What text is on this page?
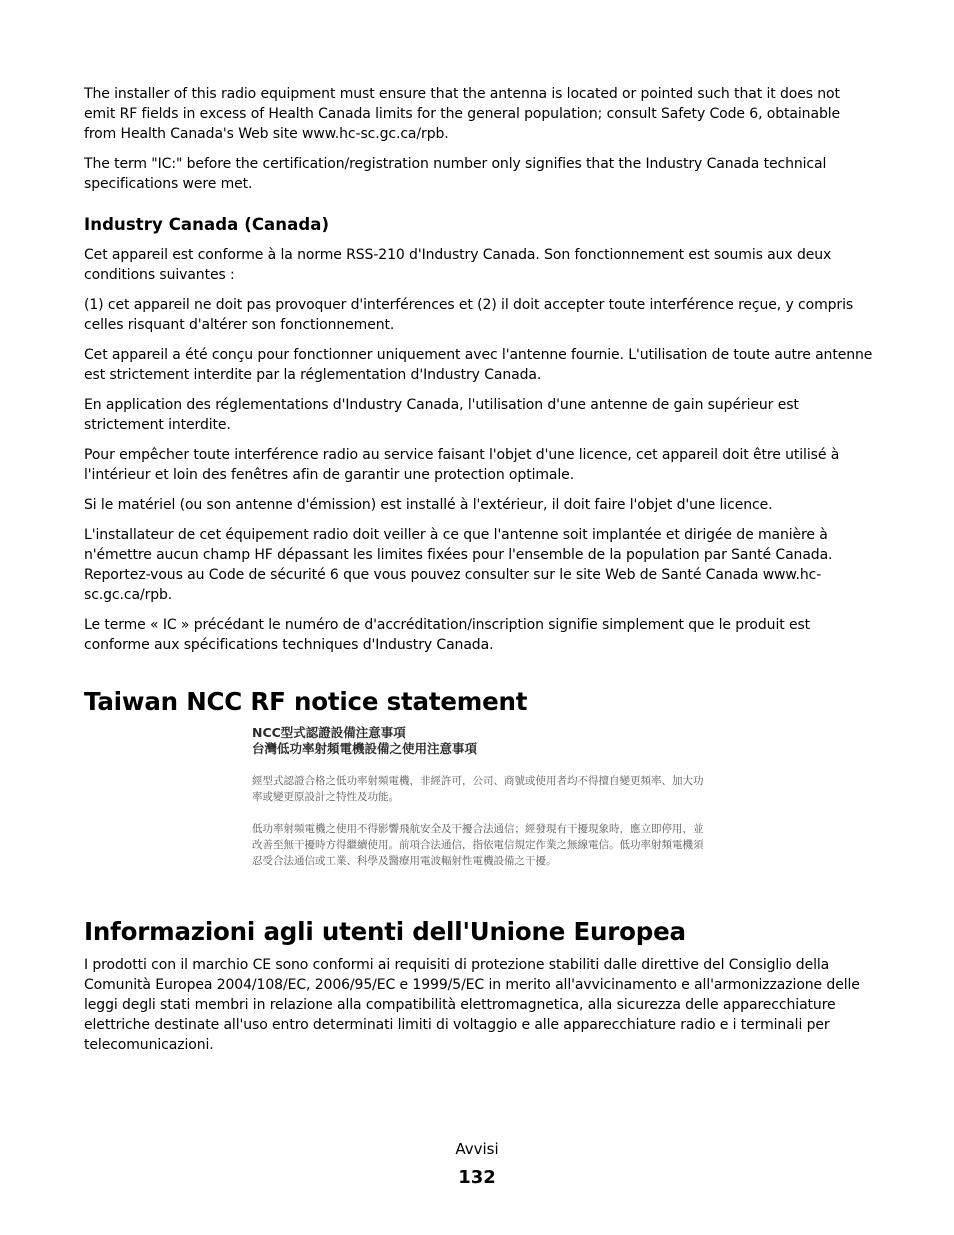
The installer of this radio equipment must ensure that the antenna is located or pointed such that it does not emit RF fields in excess of Health Canada limits for the general population; consult Safety Code 6, obtainable from Health Canada's Web site www.hc-sc.gc.ca/rpb.

The term "IC:" before the certification/registration number only signifies that the Industry Canada technical specifications were met.

Industry Canada (Canada)

Cet appareil est conforme à la norme RSS-210 d'Industry Canada. Son fonctionnement est soumis aux deux conditions suivantes :

(1) cet appareil ne doit pas provoquer d'interférences et (2) il doit accepter toute interférence reçue, y compris celles risquant d'altérer son fonctionnement.

Cet appareil a été conçu pour fonctionner uniquement avec l'antenne fournie. L'utilisation de toute autre antenne est strictement interdite par la réglementation d'Industry Canada.

En application des réglementations d'Industry Canada, l'utilisation d'une antenne de gain supérieur est strictement interdite.

Pour empêcher toute interférence radio au service faisant l'objet d'une licence, cet appareil doit être utilisé à l'intérieur et loin des fenêtres afin de garantir une protection optimale.

Si le matériel (ou son antenne d'émission) est installé à l'extérieur, il doit faire l'objet d'une licence.

L'installateur de cet équipement radio doit veiller à ce que l'antenne soit implantée et dirigée de manière à n'émettre aucun champ HF dépassant les limites fixées pour l'ensemble de la population par Santé Canada. Reportez-vous au Code de sécurité 6 que vous pouvez consulter sur le site Web de Santé Canada www.hc-sc.gc.ca/rpb.

Le terme « IC » précédant le numéro de d'accréditation/inscription signifie simplement que le produit est conforme aux spécifications techniques d'Industry Canada.

Taiwan NCC RF notice statement
NCC型式認證設備注意事項
台灣低功率射頻電機設備之使用注意事項
經型式認證合格之低功率射頻電機，非經許可，公司、商號或使用者均不得擅自變更頻率、加大功率或變更原設計之特性及功能。
低功率射頻電機之使用不得影響飛航安全及干擾合法通信；經發現有干擾現象時，應立即停用，並改善至無干擾時方得繼續使用。前項合法通信，指依電信規定作業之無線電信。低功率射頻電機須忍受合法通信或工業、科學及醫療用電波輻射性電機設備之干擾。
Informazioni agli utenti dell'Unione Europea

I prodotti con il marchio CE sono conformi ai requisiti di protezione stabiliti dalle direttive del Consiglio della Comunità Europea 2004/108/EC, 2006/95/EC e 1999/5/EC in merito all'avvicinamento e all'armonizzazione delle leggi degli stati membri in relazione alla compatibilità elettromagnetica, alla sicurezza delle apparecchiature elettriche destinate all'uso entro determinati limiti di voltaggio e alle apparecchiature radio e i terminali per telecomunicazioni.

Avvisi
132
